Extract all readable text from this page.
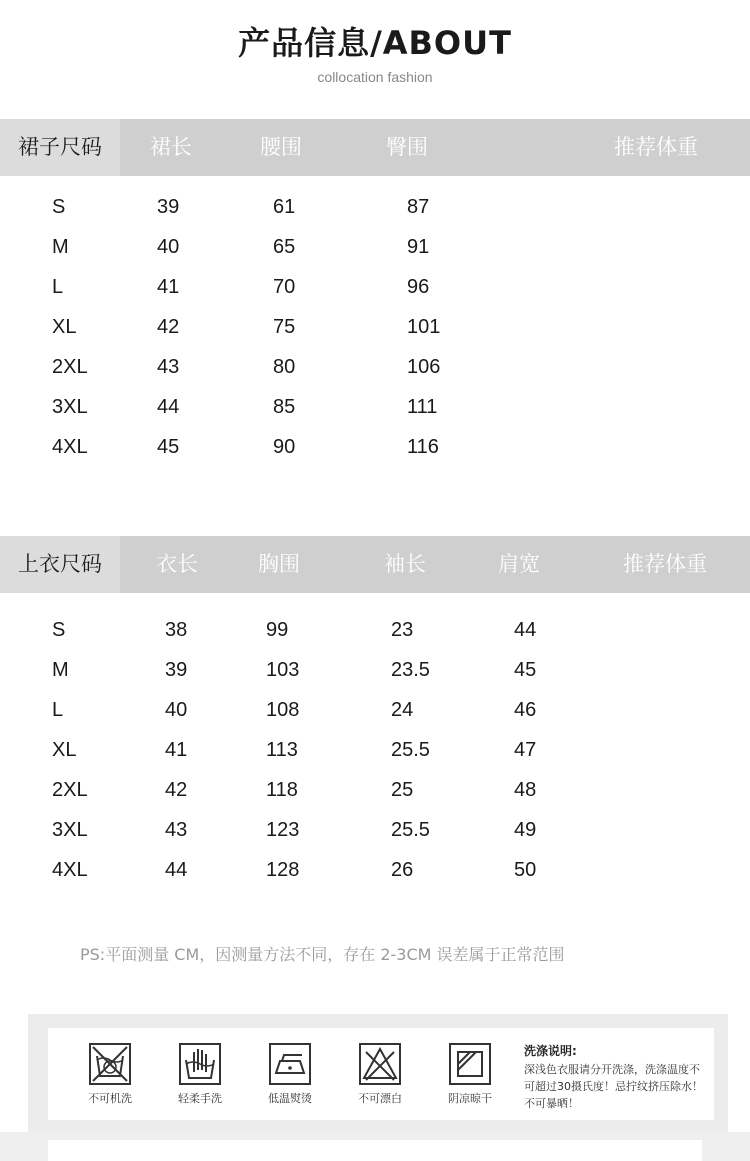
产品信息/ABOUT
collocation fashion
裙子尺码	裙长	腰围	臀围	推荐体重
S	39	61	87
M	40	65	91
L	41	70	96
XL	42	75	101
2XL	43	80	106
3XL	44	85	111
4XL	45	90	116
上衣尺码	衣长	胸围	袖长	肩宽	推荐体重
S	38	99	23	44
M	39	103	23.5	45
L	40	108	24	46
XL	41	113	25.5	47
2XL	42	118	25	48
3XL	43	123	25.5	49
4XL	44	128	26	50
PS:平面测量 CM，因测量方法不同，存在 2-3CM 误差属于正常范围
不可机洗	轻柔手洗	低温熨烫	不可漂白	阴凉晾干
洗涤说明:
深浅色衣服请分开洗涤，洗涤温度不可超过30摄氏度！忌拧纹挤压除水！不可暴晒！
